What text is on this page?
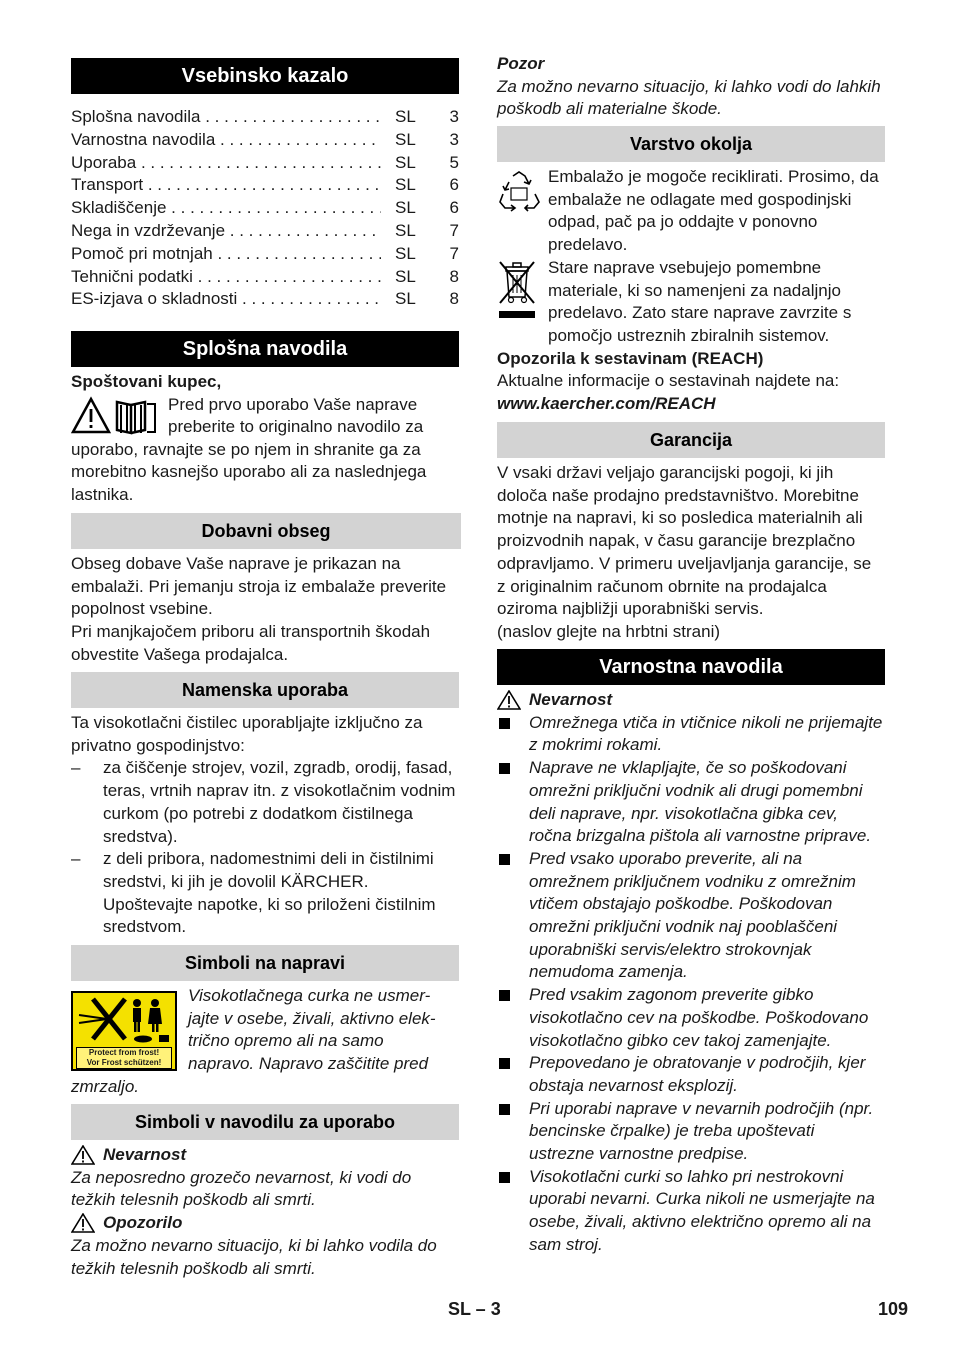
Vsebinsko kazalo
Splošna navodila . . .	SL	3
Varnostna navodila . . .	SL	3
Uporaba . . .	SL	5
Transport . . .	SL	6
Skladiščenje . . .	SL	6
Nega in vzdrževanje . . .	SL	7
Pomoč pri motnjah . . .	SL	7
Tehnični podatki . . .	SL	8
ES-izjava o skladnosti . . .	SL	8
Splošna navodila

Spoštovani kupec,

Pred prvo uporabo Vaše naprave

preberite to originalno navodilo za

uporabo, ravnajte se po njem in shranite ga za morebitno kasnejšo uporabo ali za naslednjega lastnika.

Dobavni obseg

Obseg dobave Vaše naprave je prikazan na embalaži. Pri jemanju stroja iz embalaže preverite popolnost vsebine.

Pri manjkajočem priboru ali transportnih škodah obvestite Vašega prodajalca.

Namenska uporaba

Ta visokotlačni čistilec uporabljajte izključno za privatno gospodinjstvo:

– za čiščenje strojev, vozil, zgradb, orodij, fasad, teras, vrtnih naprav itn. z visokotlačnim vodnim curkom (po potrebi z dodatkom čistilnega sredstva).
– z deli pribora, nadomestnimi deli in čistilnimi sredstvi, ki jih je dovolil KÄRCHER. Upoštevajte napotke, ki so priloženi čistilnim sredstvom.
Simboli na napravi
Protect from frost!
Vor Frost schützen!

Visokotlačnega curka ne usmer-

jajte v osebe, živali, aktivno elek-

trično opremo ali na samo

napravo. Napravo zaščitite pred

zmrzaljo.

Simboli v navodilu za uporabo
Nevarnost

Za neposredno grozečo nevarnost, ki vodi do težkih telesnih poškodb ali smrti.

Opozorilo

Za možno nevarno situacijo, ki bi lahko vodila do težkih telesnih poškodb ali smrti.

Pozor

Za možno nevarno situacijo, ki lahko vodi do lahkih poškodb ali materialne škode.

Varstvo okolja

Embalažo je mogoče reciklirati. Prosimo, da embalaže ne odlagate med gospodinjski odpad, pač pa jo oddajte v ponovno predelavo.

Stare naprave vsebujejo pomembne materiale, ki so namenjeni za nadaljnjo predelavo. Zato stare naprave zavrzite s pomočjo ustreznih zbiralnih sistemov.

Opozorila k sestavinam (REACH)

Aktualne informacije o sestavinah najdete na:

www.kaercher.com/REACH

Garancija

V vsaki državi veljajo garancijski pogoji, ki jih določa naše prodajno predstavništvo. Morebitne motnje na napravi, ki so posledica materialnih ali proizvodnih napak, v času garancije brezplačno odpravljamo. V primeru uveljavljanja garancije, se z originalnim računom obrnite na prodajalca oziroma najbližji uporabniški servis.

(naslov glejte na hrbtni strani)

Varnostna navodila
Nevarnost
Omrežnega vtiča in vtičnice nikoli ne prijemajte z mokrimi rokami.
Naprave ne vklapljajte, če so poškodovani omrežni priključni vodnik ali drugi pomembni deli naprave, npr. visokotlačna gibka cev, ročna brizgalna pištola ali varnostne priprave.
Pred vsako uporabo preverite, ali na omrežnem priključnem vodniku z omrežnim vtičem obstajajo poškodbe. Poškodovan omrežni priključni vodnik naj pooblaščeni uporabniški servis/elektro strokovnjak nemudoma zamenja.
Pred vsakim zagonom preverite gibko visokotlačno cev na poškodbe. Poškodovano visokotlačno gibko cev takoj zamenjajte.
Prepovedano je obratovanje v področjih, kjer obstaja nevarnost eksplozij.
Pri uporabi naprave v nevarnih področjih (npr. bencinske črpalke) je treba upoštevati ustrezne varnostne predpise.
Visokotlačni curki so lahko pri nestrokovni uporabi nevarni. Curka nikoli ne usmerjajte na osebe, živali, aktivno električno opremo ali na sam stroj.
SL – 3	109
